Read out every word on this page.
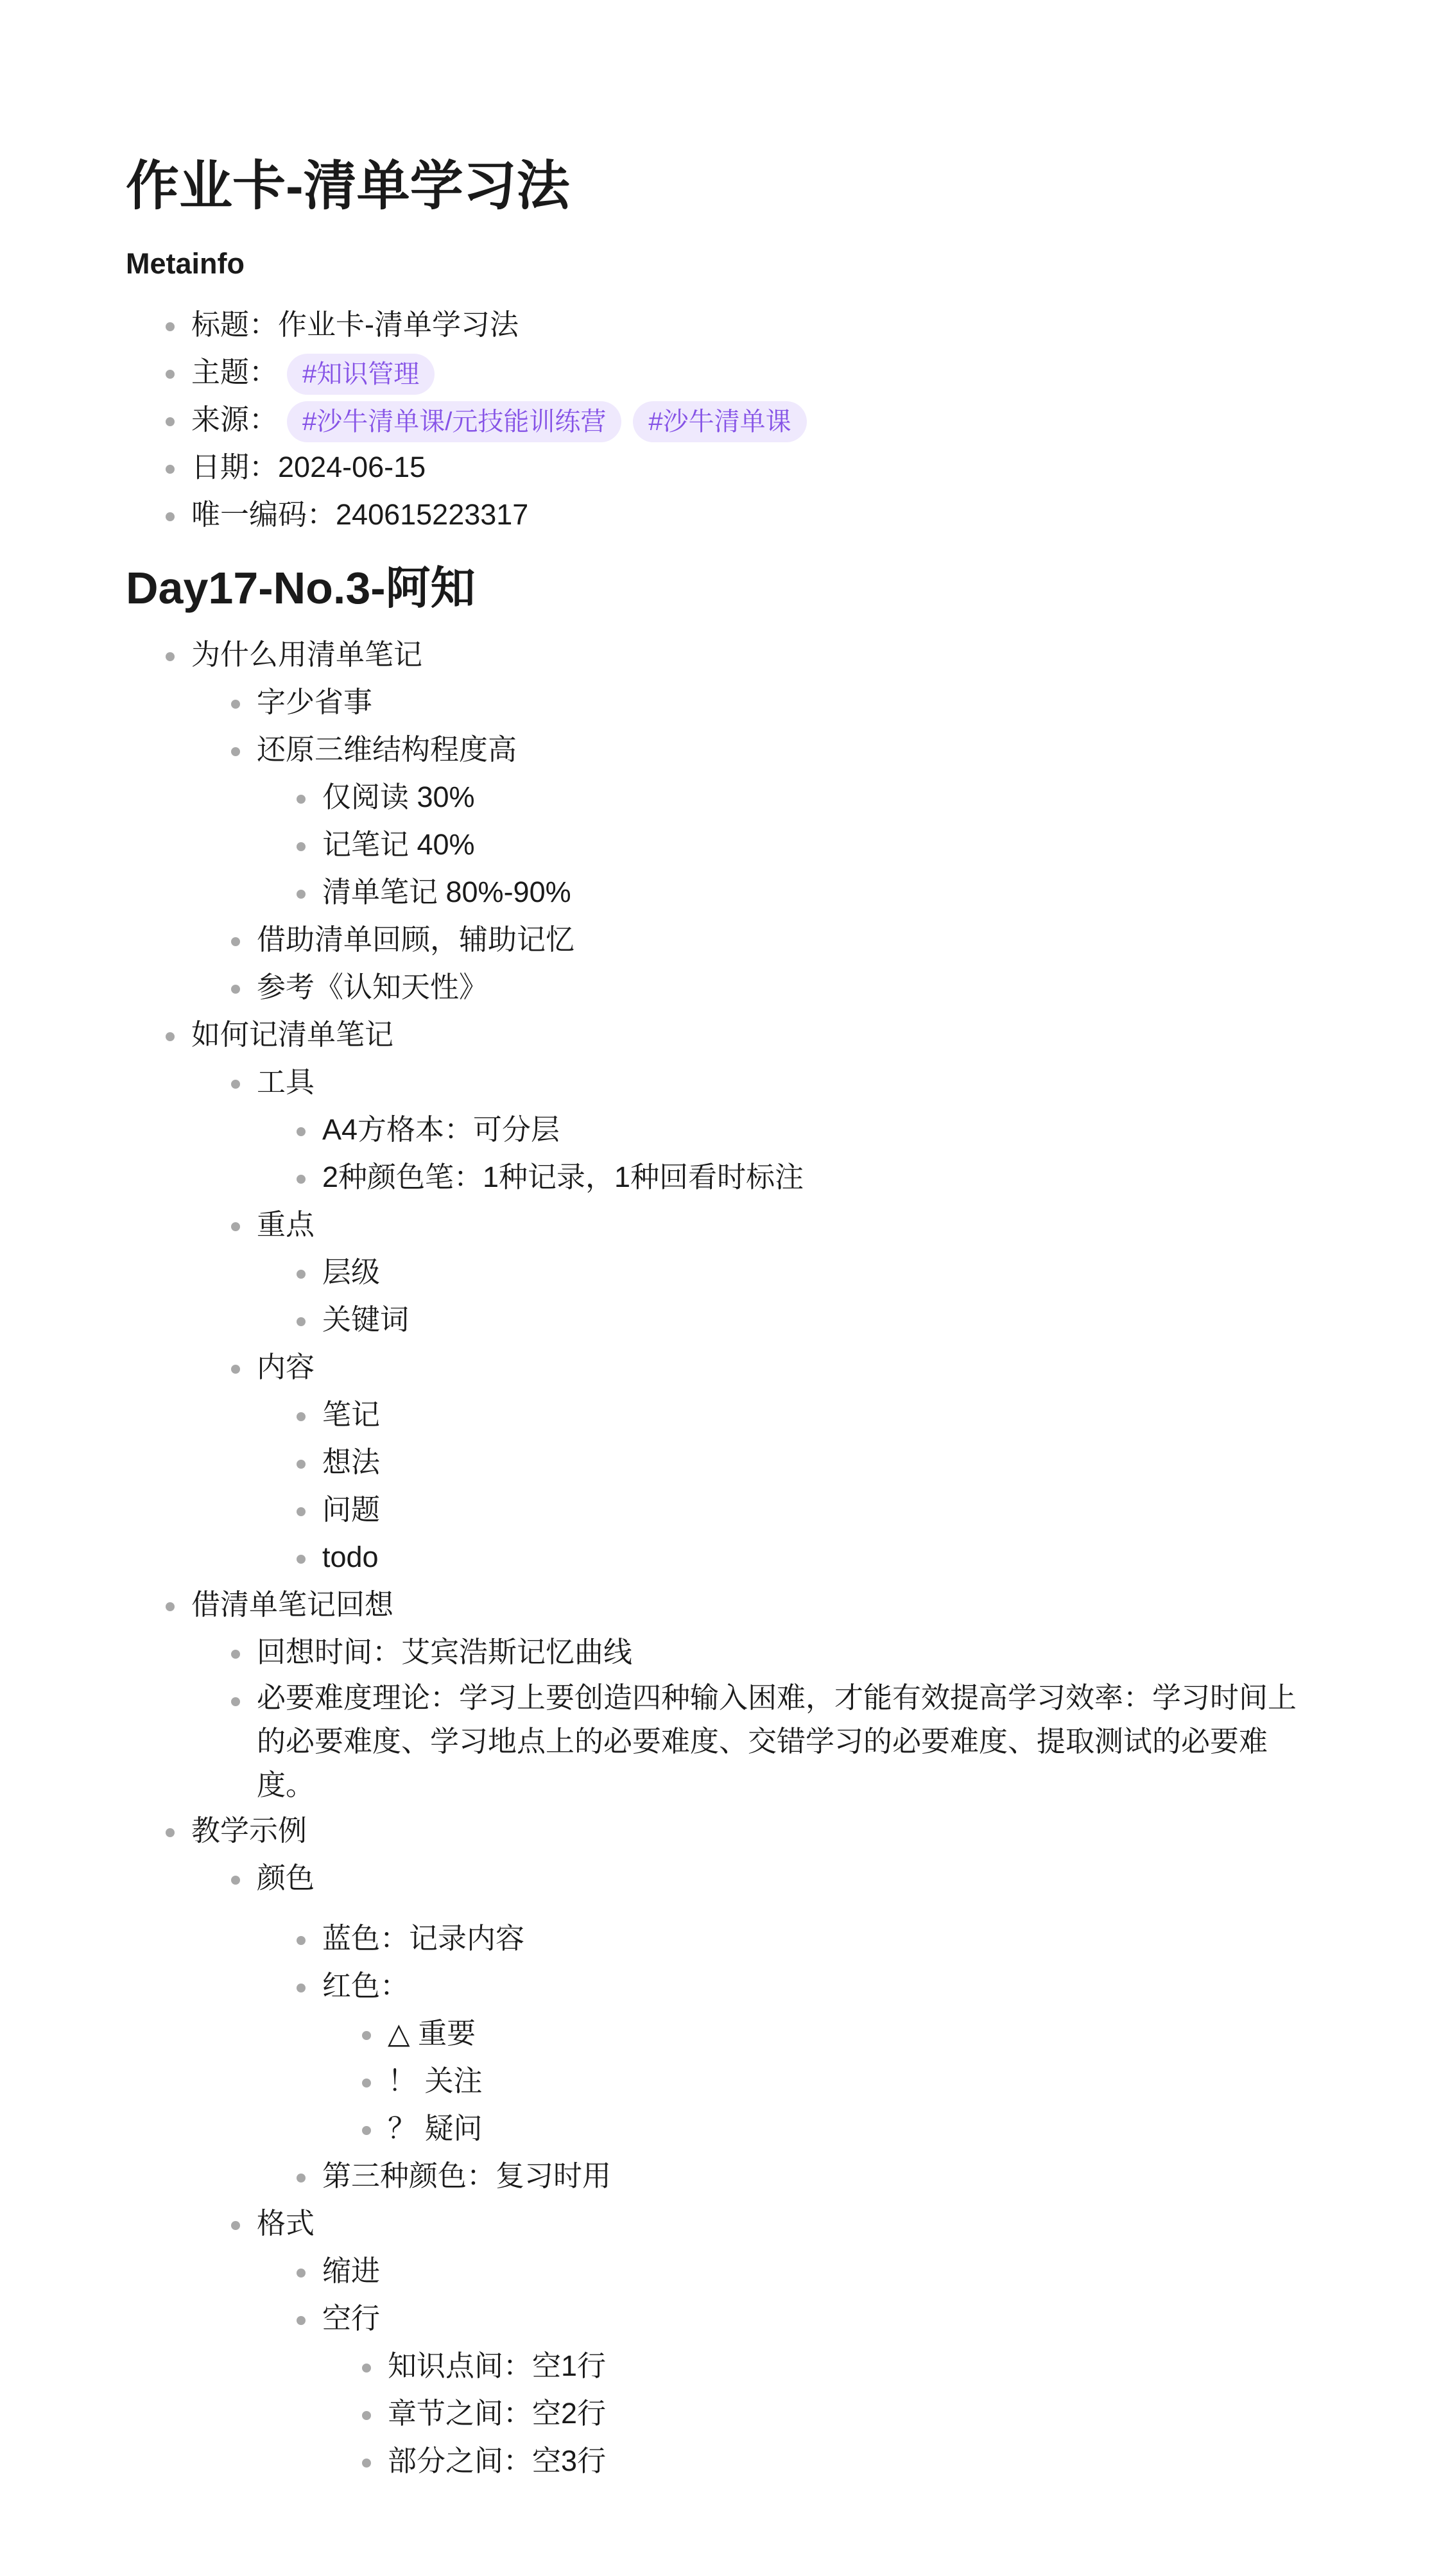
作业卡-清单学习法
Metainfo
标题：作业卡-清单学习法
主题： #知识管理
来源： #沙牛清单课/元技能训练营 #沙牛清单课
日期：2024-06-15
唯一编码：240615223317
Day17-No.3-阿知
为什么用清单笔记
字少省事
还原三维结构程度高
仅阅读 30%
记笔记 40%
清单笔记 80%-90%
借助清单回顾，辅助记忆
参考《认知天性》
如何记清单笔记
工具
A4方格本：可分层
2种颜色笔：1种记录，1种回看时标注
重点
层级
关键词
内容
笔记
想法
问题
todo
借清单笔记回想
回想时间：艾宾浩斯记忆曲线
必要难度理论：学习上要创造四种输入困难，才能有效提高学习效率：学习时间上的必要难度、学习地点上的必要难度、交错学习的必要难度、提取测试的必要难度。
教学示例
颜色
蓝色：记录内容
红色：
△ 重要
！ 关注
？ 疑问
第三种颜色：复习时用
格式
缩进
空行
知识点间：空1行
章节之间：空2行
部分之间：空3行
